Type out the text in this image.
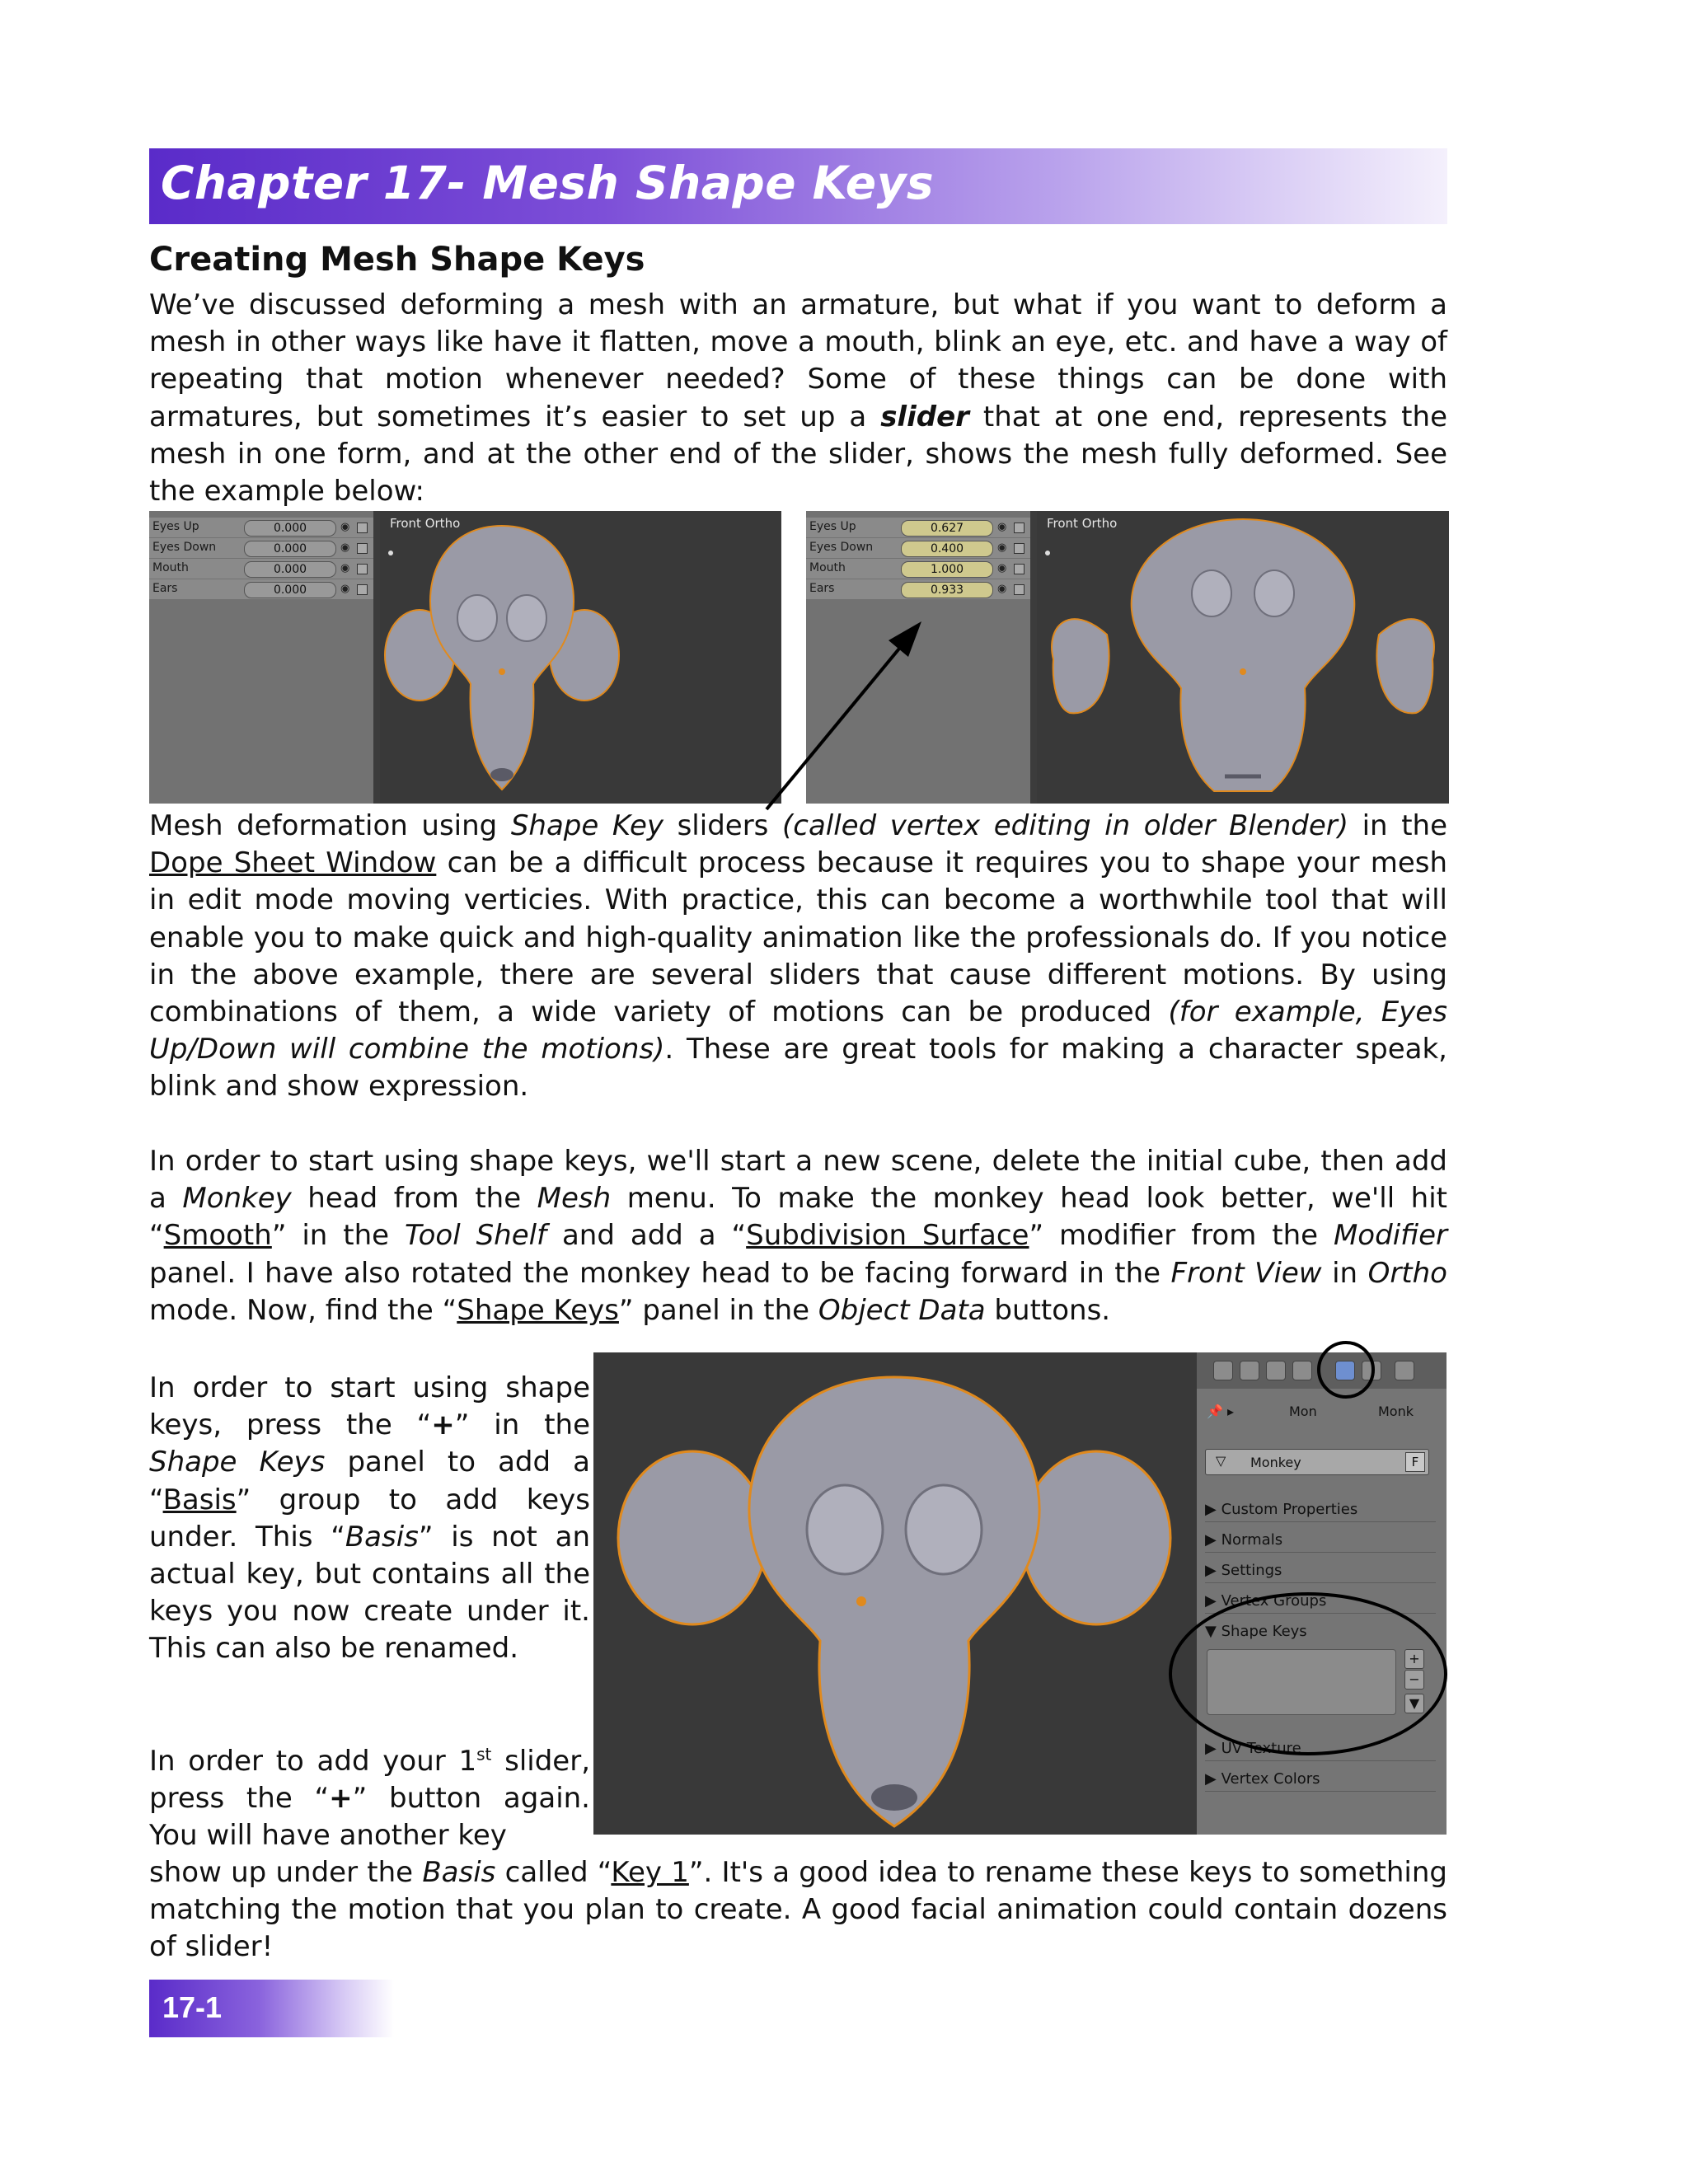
Chapter 17- Mesh Shape Keys
Creating Mesh Shape Keys

We’ve discussed deforming a mesh with an armature, but what if you want to deform a mesh in other ways like have it flatten, move a mouth, blink an eye, etc. and have a way of repeating that motion whenever needed? Some of these things can be done with armatures, but sometimes it’s easier to set up a slider that at one end, represents the mesh in one form, and at the other end of the slider, shows the mesh fully deformed. See the example below:

Eyes Up	0.000	◉
Eyes Down	0.000	◉
Mouth	0.000	◉
Ears	0.000	◉
Front Ortho	Eyes Up	0.627	◉
Eyes Down	0.400	◉
Mouth	1.000	◉
Ears	0.933	◉
Front Ortho

Mesh deformation using Shape Key sliders (called vertex editing in older Blender) in the Dope Sheet Window can be a difficult process because it requires you to shape your mesh in edit mode moving verticies. With practice, this can become a worthwhile tool that will enable you to make quick and high-quality animation like the professionals do. If you notice in the above example, there are several sliders that cause different motions. By using combinations of them, a wide variety of motions can be produced (for example, Eyes Up/Down will combine the motions). These are great tools for making a character speak, blink and show expression.

In order to start using shape keys, we'll start a new scene, delete the initial cube, then add a Monkey head from the Mesh menu. To make the monkey head look better, we'll hit “Smooth” in the Tool Shelf and add a “Subdivision Surface” modifier from the Modifier panel. I have also rotated the monkey head to be facing forward in the Front View in Ortho mode. Now, find the “Shape Keys” panel in the Object Data buttons.

In order to start using shape keys, press the “+” in the Shape Keys panel to add a “Basis” group to add keys under. This “Basis” is not an actual key, but contains all the keys you now create under it. This can also be renamed.

In order to add your 1st slider, press the “+” button again. You will have another key

📌 ▸	Mon	Monk
▽ Monkey	F
▶ Custom Properties
▶ Normals
▶ Settings
▶ Vertex Groups
▼ Shape Keys
+
−
▼
▶ UV Texture
▶ Vertex Colors

show up under the Basis called “Key 1”. It's a good idea to rename these keys to something matching the motion that you plan to create. A good facial animation could contain dozens of slider!

17-1
